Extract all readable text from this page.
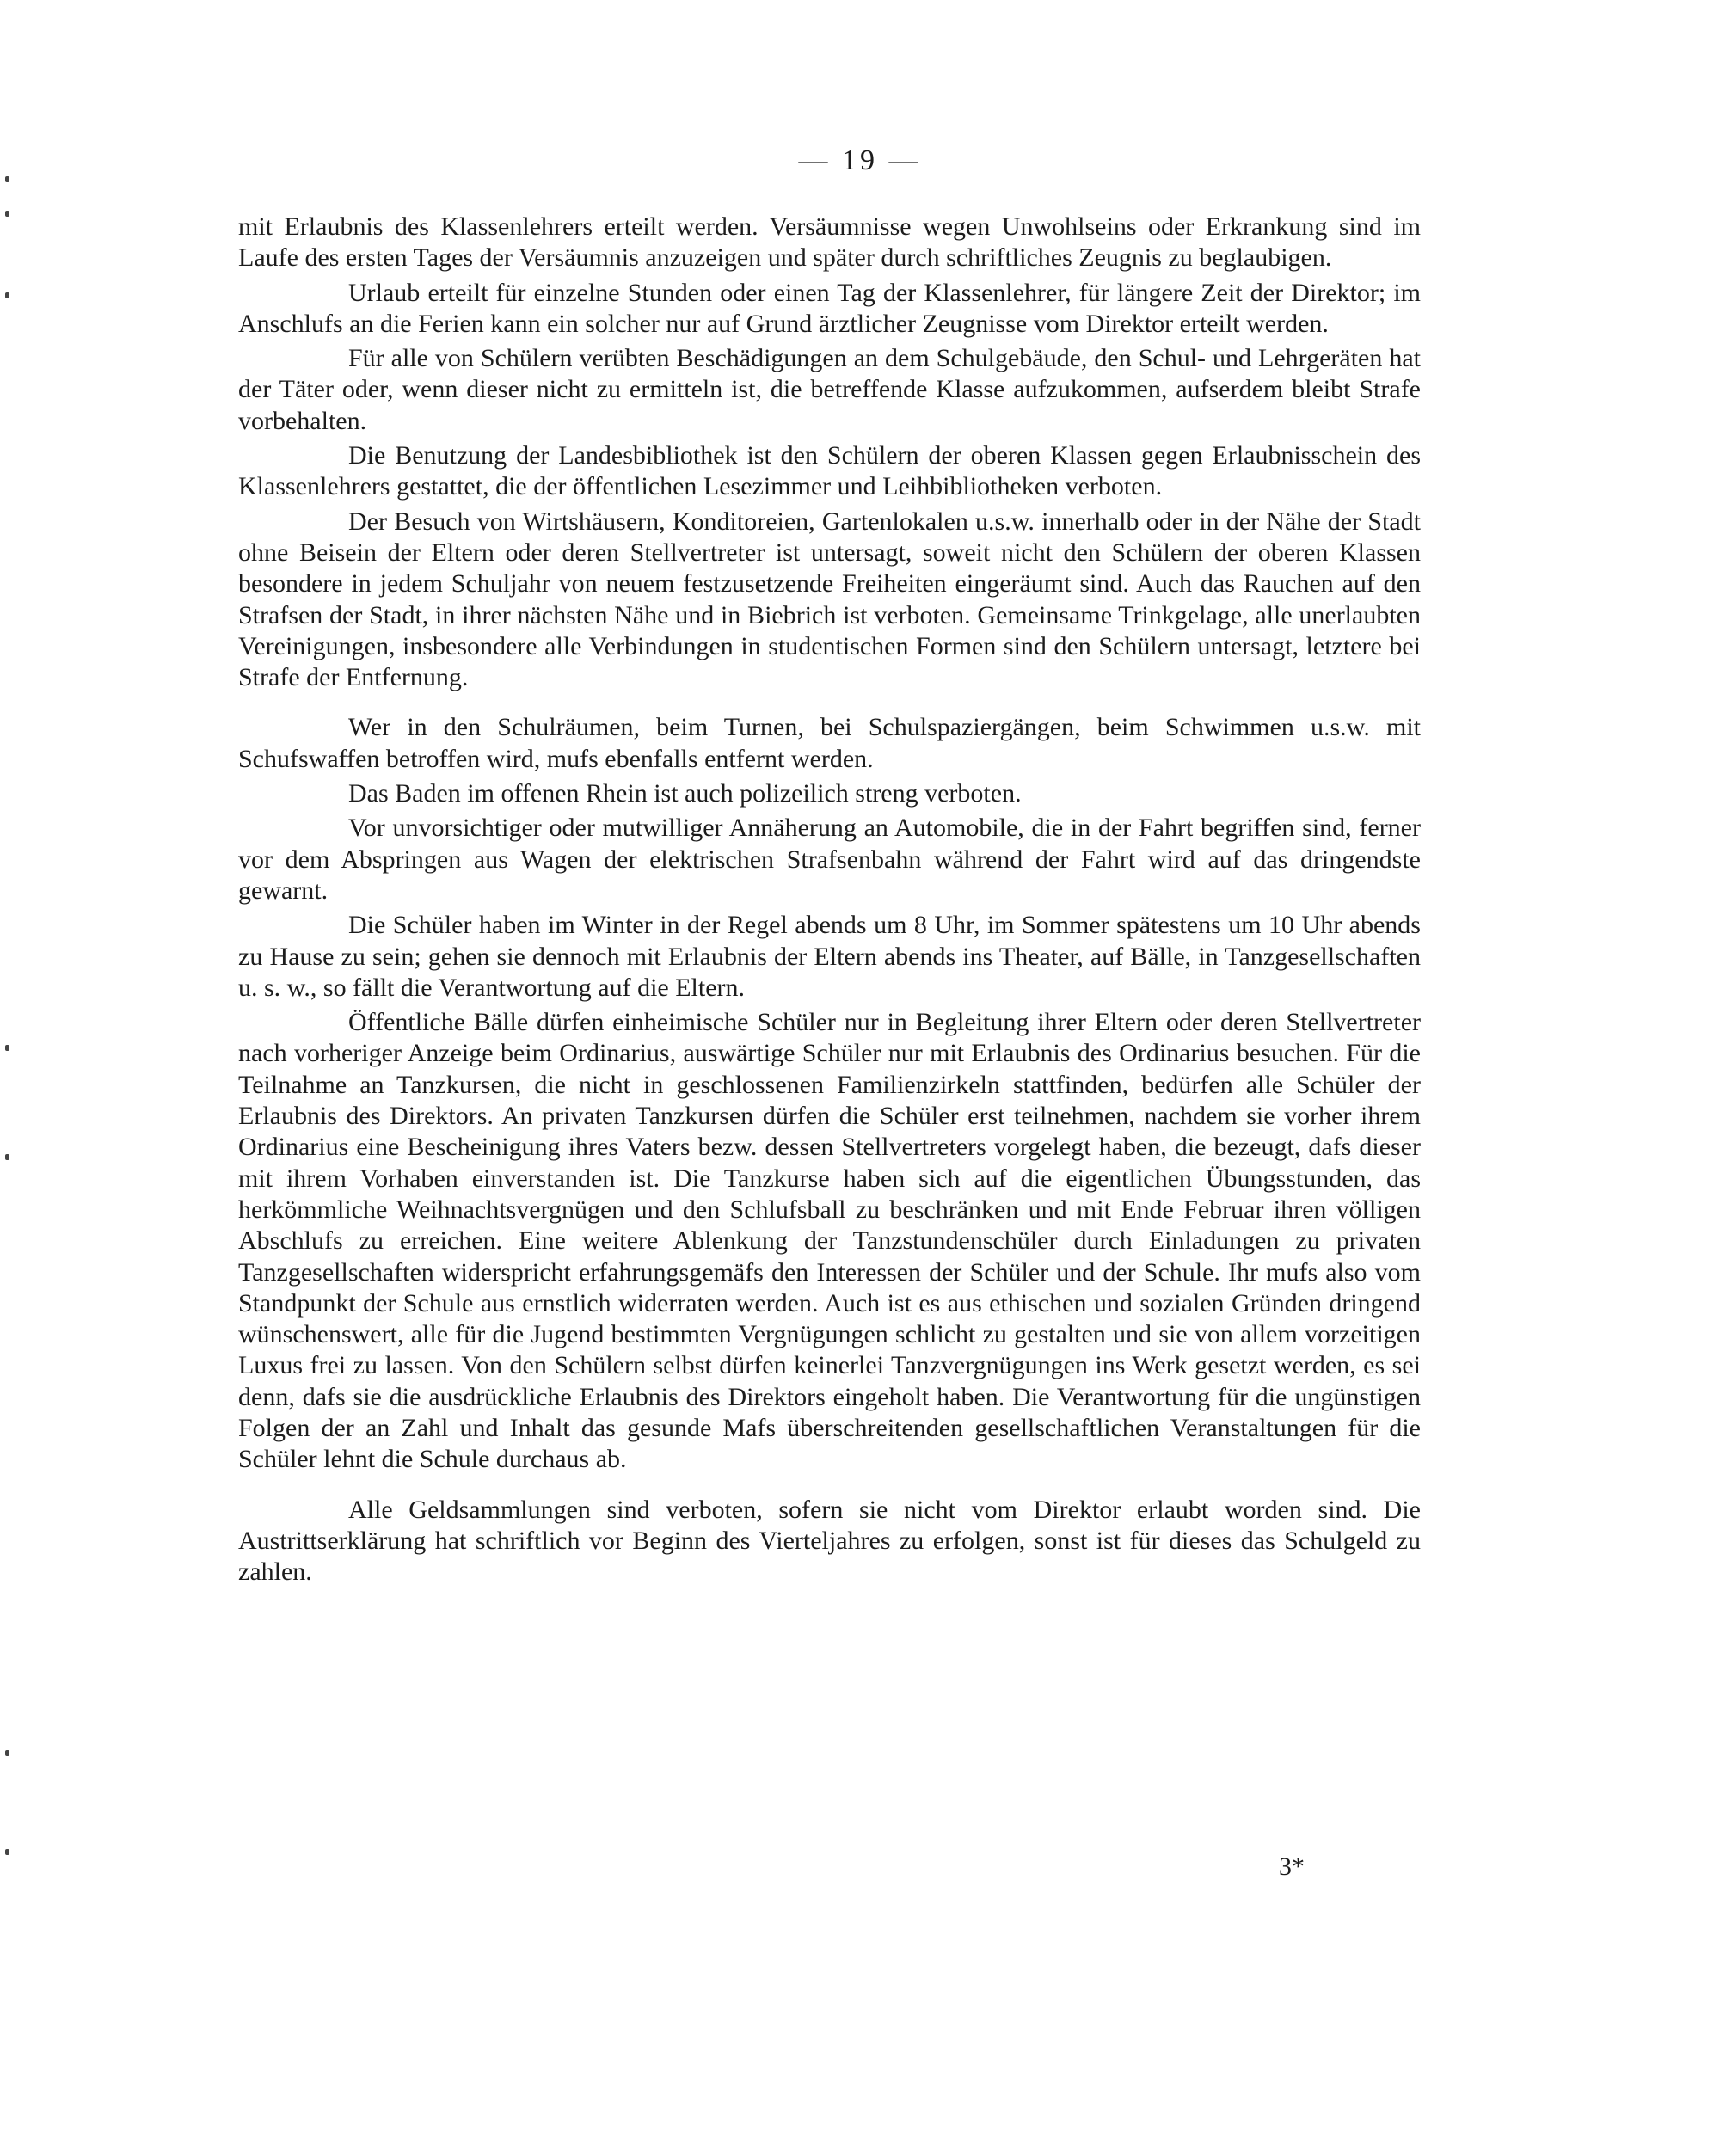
— 19 —

mit Erlaubnis des Klassenlehrers erteilt werden. Versäumnisse wegen Unwohlseins oder Erkrankung sind im Laufe des ersten Tages der Versäumnis anzuzeigen und später durch schriftliches Zeugnis zu beglaubigen.

Urlaub erteilt für einzelne Stunden oder einen Tag der Klassenlehrer, für längere Zeit der Direktor; im Anschlufs an die Ferien kann ein solcher nur auf Grund ärztlicher Zeugnisse vom Direktor erteilt werden.

Für alle von Schülern verübten Beschädigungen an dem Schulgebäude, den Schul- und Lehrgeräten hat der Täter oder, wenn dieser nicht zu ermitteln ist, die betreffende Klasse aufzukommen, aufserdem bleibt Strafe vorbehalten.

Die Benutzung der Landesbibliothek ist den Schülern der oberen Klassen gegen Erlaubnisschein des Klassenlehrers gestattet, die der öffentlichen Lesezimmer und Leihbibliotheken verboten.

Der Besuch von Wirtshäusern, Konditoreien, Gartenlokalen u.s.w. innerhalb oder in der Nähe der Stadt ohne Beisein der Eltern oder deren Stellvertreter ist untersagt, soweit nicht den Schülern der oberen Klassen besondere in jedem Schuljahr von neuem festzusetzende Freiheiten eingeräumt sind. Auch das Rauchen auf den Strafsen der Stadt, in ihrer nächsten Nähe und in Biebrich ist verboten. Gemeinsame Trinkgelage, alle unerlaubten Vereinigungen, insbesondere alle Verbindungen in studentischen Formen sind den Schülern untersagt, letztere bei Strafe der Entfernung.

Wer in den Schulräumen, beim Turnen, bei Schulspaziergängen, beim Schwimmen u.s.w. mit Schufswaffen betroffen wird, mufs ebenfalls entfernt werden.

Das Baden im offenen Rhein ist auch polizeilich streng verboten.

Vor unvorsichtiger oder mutwilliger Annäherung an Automobile, die in der Fahrt begriffen sind, ferner vor dem Abspringen aus Wagen der elektrischen Strafsenbahn während der Fahrt wird auf das dringendste gewarnt.

Die Schüler haben im Winter in der Regel abends um 8 Uhr, im Sommer spätestens um 10 Uhr abends zu Hause zu sein; gehen sie dennoch mit Erlaubnis der Eltern abends ins Theater, auf Bälle, in Tanzgesellschaften u. s. w., so fällt die Verantwortung auf die Eltern.

Öffentliche Bälle dürfen einheimische Schüler nur in Begleitung ihrer Eltern oder deren Stellvertreter nach vorheriger Anzeige beim Ordinarius, auswärtige Schüler nur mit Erlaubnis des Ordinarius besuchen. Für die Teilnahme an Tanzkursen, die nicht in geschlossenen Familienzirkeln stattfinden, bedürfen alle Schüler der Erlaubnis des Direktors. An privaten Tanzkursen dürfen die Schüler erst teilnehmen, nachdem sie vorher ihrem Ordinarius eine Bescheinigung ihres Vaters bezw. dessen Stellvertreters vorgelegt haben, die bezeugt, dafs dieser mit ihrem Vorhaben einverstanden ist. Die Tanzkurse haben sich auf die eigentlichen Übungsstunden, das herkömmliche Weihnachtsvergnügen und den Schlufsball zu beschränken und mit Ende Februar ihren völligen Abschlufs zu erreichen. Eine weitere Ablenkung der Tanzstundenschüler durch Einladungen zu privaten Tanzgesellschaften widerspricht erfahrungsgemäfs den Interessen der Schüler und der Schule. Ihr mufs also vom Standpunkt der Schule aus ernstlich widerraten werden. Auch ist es aus ethischen und sozialen Gründen dringend wünschenswert, alle für die Jugend bestimmten Vergnügungen schlicht zu gestalten und sie von allem vorzeitigen Luxus frei zu lassen. Von den Schülern selbst dürfen keinerlei Tanzvergnügungen ins Werk gesetzt werden, es sei denn, dafs sie die ausdrückliche Erlaubnis des Direktors eingeholt haben. Die Verantwortung für die ungünstigen Folgen der an Zahl und Inhalt das gesunde Mafs überschreitenden gesellschaftlichen Veranstaltungen für die Schüler lehnt die Schule durchaus ab.

Alle Geldsammlungen sind verboten, sofern sie nicht vom Direktor erlaubt worden sind. Die Austrittserklärung hat schriftlich vor Beginn des Vierteljahres zu erfolgen, sonst ist für dieses das Schulgeld zu zahlen.

3*
